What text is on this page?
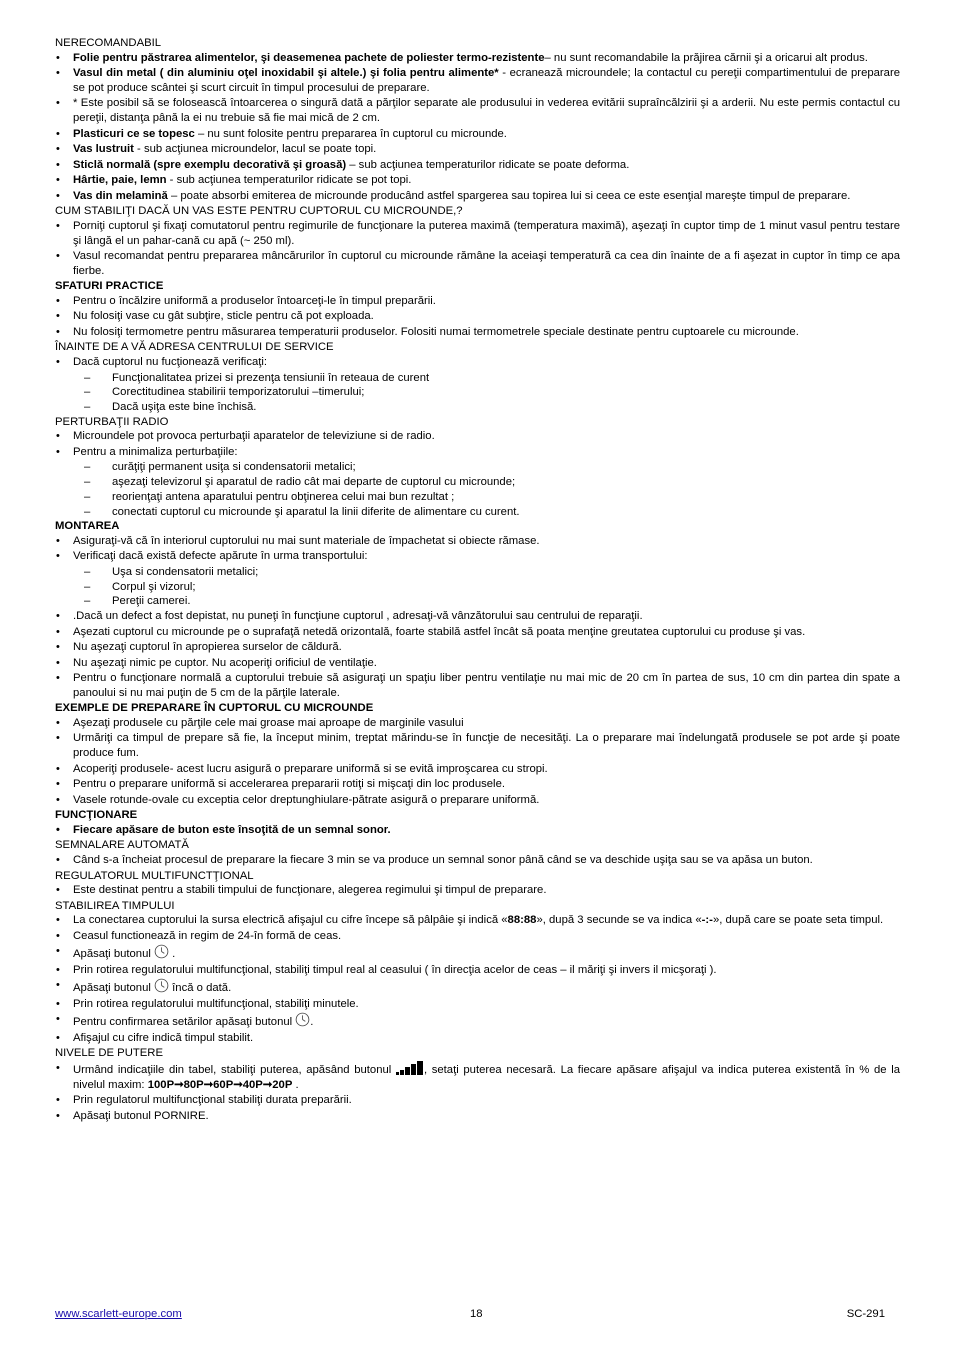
NERECOMANDABIL

• Folie pentru păstrarea alimentelor, şi deasemenea pachete de poliester termo-rezistente– nu sunt recomandabile la prăjirea cărnii şi a oricarui alt produs.
• Vasul din metal ( din aluminiu oţel inoxidabil şi altele.) şi folia pentru alimente* - ecranează microundele; la contactul cu pereţii compartimentului de preparare se pot produce scântei şi scurt circuit în timpul procesului de preparare.
• * Este posibil să se folosească întoarcerea o singură dată a părţilor separate ale produsului in vederea evitării supraîncălzirii şi a arderii. Nu este permis contactul cu pereţii, distanţa până la ei nu trebuie să fie mai mică de 2 cm.
• Plasticuri ce se topesc – nu sunt folosite pentru prepararea în cuptorul cu microunde.
• Vas lustruit - sub acţiunea microundelor, lacul se poate topi.
• Sticlă normală (spre exemplu decorativă şi groasă) – sub acţiunea temperaturilor ridicate se poate deforma.
• Hârtie, paie, lemn - sub acţiunea temperaturilor ridicate se pot topi.
• Vas din melamină – poate absorbi emiterea de microunde producând astfel spargerea sau topirea lui si ceea ce este esenţial mareşte timpul de preparare.

CUM STABILIŢI DACĂ UN VAS ESTE PENTRU CUPTORUL CU MICROUNDE,?

• Porniţi cuptorul şi fixaţi comutatorul pentru regimurile de funcţionare la puterea maximă (temperatura maximă), aşezaţi în cuptor timp de 1 minut vasul pentru testare şi lângă el un pahar-cană cu apă (~ 250 ml).
• Vasul recomandat pentru prepararea mâncărurilor în cuptorul cu microunde rămâne la aceiaşi temperatură ca cea din înainte de a fi aşezat in cuptor în timp ce apa fierbe.

SFATURI PRACTICE

• Pentru o încălzire uniformă a produselor întoarceţi-le în timpul preparării.
• Nu folosiţi vase cu gât subţire, sticle pentru că pot exploada.
• Nu folosiţi termometre pentru măsurarea temperaturii produselor. Folositi numai termometrele speciale destinate pentru cuptoarele cu microunde.

ÎNAINTE DE A VĂ ADRESA CENTRULUI DE SERVICE

• Dacă cuptorul nu fucţionează verificaţi:
– Funcţionalitatea prizei si prezenţa tensiunii în reteaua de curent
– Corectitudinea stabilirii temporizatorului –timerului;
– Dacă uşiţa este bine închisă.

PERTURBAŢII RADIO

• Microundele pot provoca perturbaţii aparatelor de televiziune si de radio.
• Pentru a minimaliza perturbaţiile:
– curăţiţi permanent usiţa si condensatorii metalici;
– aşezaţi televizorul şi aparatul de radio cât mai departe de cuptorul cu microunde;
– reorienţaţi antena aparatului pentru obţinerea celui mai bun rezultat ;
– conectati cuptorul cu microunde şi aparatul la linii diferite de alimentare cu curent.

MONTAREA

• Asiguraţi-vă că în interiorul cuptorului nu mai sunt materiale de împachetat si obiecte rămase.
• Verificaţi dacă există defecte apărute în urma transportului:
– Uşa si condensatorii metalici;
– Corpul şi vizorul;
– Pereţii camerei.
• .Dacă un defect a fost depistat, nu puneţi în funcţiune cuptorul , adresaţi-vă vânzătorului sau centrului de reparaţii.
• Aşezati cuptorul cu microunde pe o suprafaţă netedă orizontală, foarte stabilă astfel încât să poata menţine greutatea cuptorului cu produse şi vas.
• Nu aşezaţi cuptorul în apropierea surselor de căldură.
• Nu aşezaţi nimic pe cuptor. Nu acoperiţi orificiul de ventilaţie.
• Pentru o funcţionare normală a cuptorului trebuie să asiguraţi un spaţiu liber pentru ventilaţie nu mai mic de 20 cm în partea de sus, 10 cm din partea din spate a panoului si nu mai puţin de 5 cm de la părţile laterale.

EXEMPLE DE PREPARARE ÎN CUPTORUL CU MICROUNDE

• Aşezaţi produsele cu părţile cele mai groase mai aproape de marginile vasului
• Urmăriţi ca timpul de prepare să fie, la început minim, treptat mărindu-se în funcţie de necesităţi. La o preparare mai îndelungată produsele se pot arde şi poate produce fum.
• Acoperiţi produsele- acest lucru asigură o preparare uniformă si se evită improşcarea cu stropi.
• Pentru o preparare uniformă si accelerarea prepararii rotiţi si mişcaţi din loc produsele.
• Vasele rotunde-ovale cu exceptia celor dreptunghiulare-pătrate asigură o preparare uniformă.

FUNCŢIONARE

• Fiecare apăsare de buton este însoţită de un semnal sonor.

SEMNALARE AUTOMATĂ

• Când s-a încheiat procesul de preparare la fiecare 3 min se va produce un semnal sonor până când se va deschide uşiţa sau se va apăsa un buton.

REGULATORUL MULTIFUNCTŢIONAL

• Este destinat pentru a stabili timpului de funcţionare, alegerea regimului şi timpul de preparare.

STABILIREA TIMPULUI

• La conectarea cuptorului la sursa electrică afişajul cu cifre începe să pâlpâie şi indică «88:88», după 3 secunde se va indica «-:-», după care se poate seta timpul.
• Ceasul functionează in regim de 24-în formă de ceas.
• Apăsaţi butonul  .
• Prin rotirea regulatorului multifuncţional, stabiliţi timpul real al ceasului ( în direcţia acelor de ceas – il măriţi şi invers il micşoraţi ).
• Apăsaţi butonul  încă o dată.
• Prin rotirea regulatorului multifuncţional, stabiliţi minutele.
• Pentru confirmarea setărilor apăsaţi butonul .
• Afişajul cu cifre indică timpul stabilit.

NIVELE DE PUTERE

• Urmând indicaţiile din tabel, stabiliţi puterea, apăsând butonul , setaţi puterea necesară. La fiecare apăsare afişajul va indica puterea existentă în % de la nivelul maxim: 100P➞80P➞60P➞40P➞20P .
• Prin regulatorul multifuncţional stabiliţi durata preparării.
• Apăsaţi butonul PORNIRE.
www.scarlett-europe.com	18	SC-291
